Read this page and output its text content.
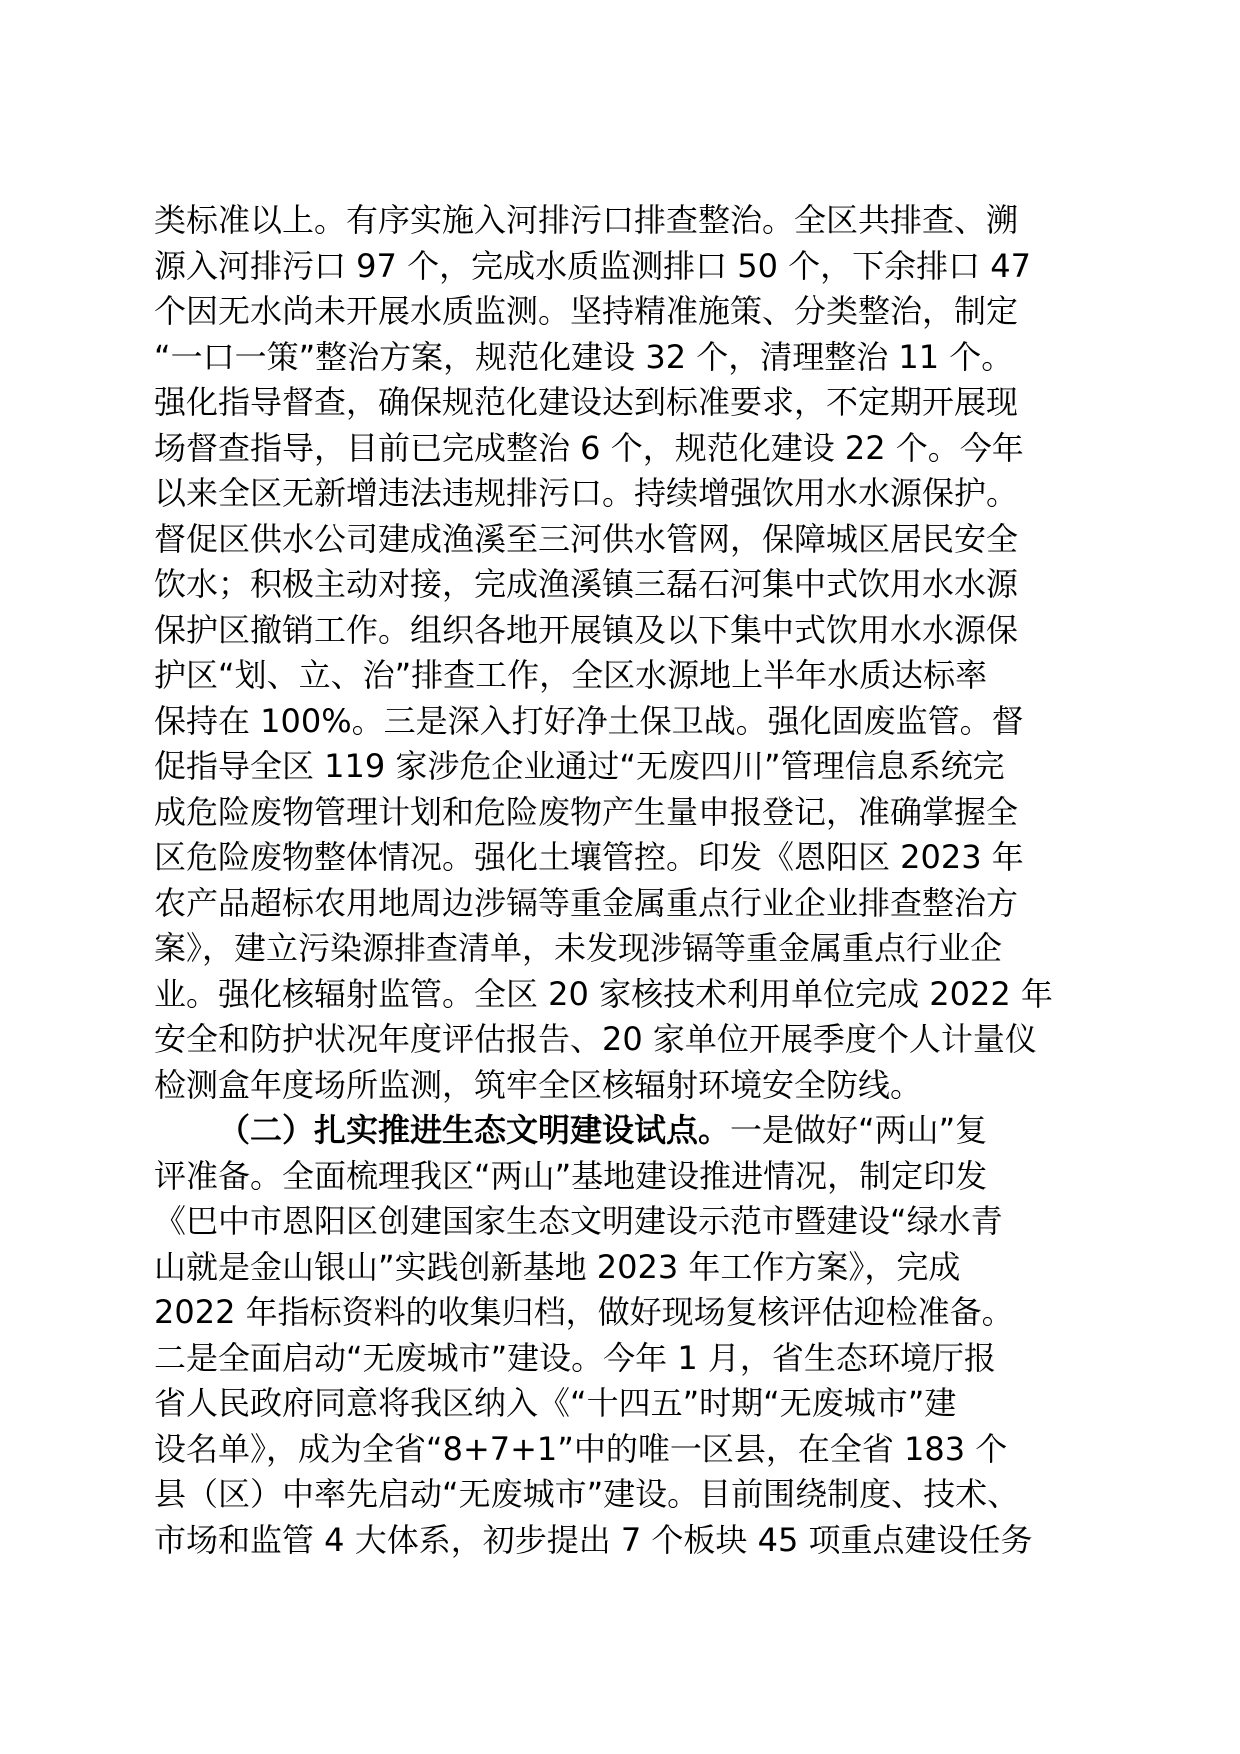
类标准以上。有序实施入河排污口排查整治。全区共排查、溯
源入河排污口 97 个，完成水质监测排口 50 个，下余排口 47
个因无水尚未开展水质监测。坚持精准施策、分类整治，制定
“一口一策”整治方案，规范化建设 32 个，清理整治 11 个。
强化指导督查，确保规范化建设达到标准要求，不定期开展现
场督查指导，目前已完成整治 6 个，规范化建设 22 个。今年
以来全区无新增违法违规排污口。持续增强饮用水水源保护。
督促区供水公司建成渔溪至三河供水管网，保障城区居民安全
饮水；积极主动对接，完成渔溪镇三磊石河集中式饮用水水源
保护区撤销工作。组织各地开展镇及以下集中式饮用水水源保
护区“划、立、治”排查工作，全区水源地上半年水质达标率
保持在 100%。三是深入打好净土保卫战。强化固废监管。督
促指导全区 119 家涉危企业通过“无废四川”管理信息系统完
成危险废物管理计划和危险废物产生量申报登记，准确掌握全
区危险废物整体情况。强化土壤管控。印发《恩阳区 2023 年
农产品超标农用地周边涉镉等重金属重点行业企业排查整治方
案》，建立污染源排查清单，未发现涉镉等重金属重点行业企
业。强化核辐射监管。全区 20 家核技术利用单位完成 2022 年
安全和防护状况年度评估报告、20 家单位开展季度个人计量仪
检测盒年度场所监测，筑牢全区核辐射环境安全防线。
（二）扎实推进生态文明建设试点。一是做好“两山”复
评准备。全面梳理我区“两山”基地建设推进情况，制定印发
《巴中市恩阳区创建国家生态文明建设示范市暨建设“绿水青
山就是金山银山”实践创新基地 2023 年工作方案》，完成
2022 年指标资料的收集归档，做好现场复核评估迎检准备。
二是全面启动“无废城市”建设。今年 1 月，省生态环境厅报
省人民政府同意将我区纳入《“十四五”时期“无废城市”建
设名单》，成为全省“8+7+1”中的唯一区县，在全省 183 个
县（区）中率先启动“无废城市”建设。目前围绕制度、技术、
市场和监管 4 大体系，初步提出 7 个板块 45 项重点建设任务
